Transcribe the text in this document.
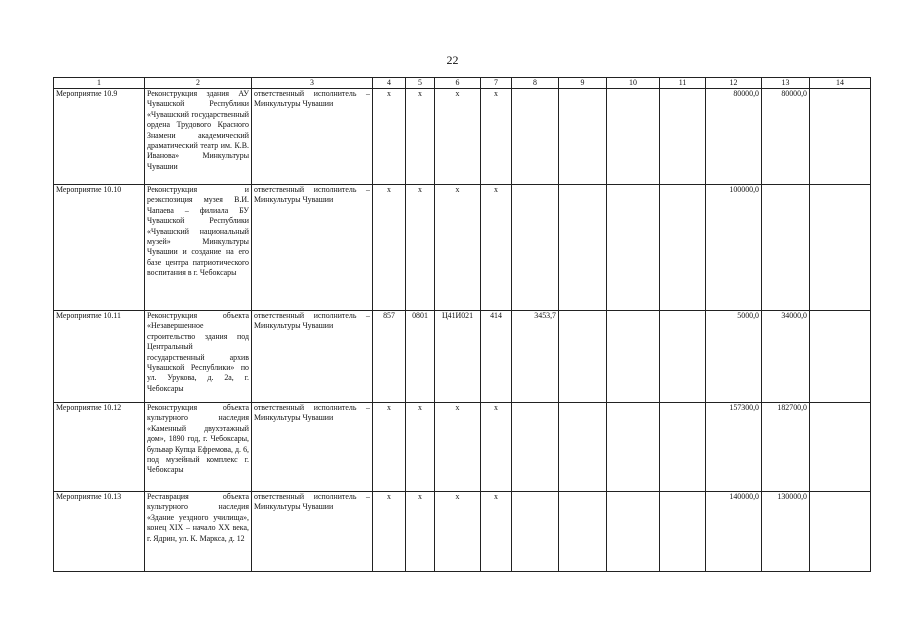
22
1	2	3	4	5	6	7	8	9	10	11	12	13	14
Мероприятие 10.9	Реконструкция здания АУ Чувашской Республики «Чувашский государственный ордена Трудового Красного Знамени академический драматический театр им. К.В. Иванова» Минкультуры Чувашии	ответственный исполнитель – Минкультуры Чувашии	х	х	х	х					80000,0	80000,0	
Мероприятие 10.10	Реконструкция и реэкспозиция музея В.И. Чапаева – филиала БУ Чувашской Республики «Чувашский национальный музей» Минкультуры Чувашии и создание на его базе центра патриотического воспитания в г. Чебоксары	ответственный исполнитель – Минкультуры Чувашии	х	х	х	х					100000,0		
Мероприятие 10.11	Реконструкция объекта «Незавершенное строительство здания под Центральный государственный архив Чувашской Республики» по ул. Урукова, д. 2а, г. Чебоксары	ответственный исполнитель – Минкультуры Чувашии	857	0801	Ц41И021	414	3453,7				5000,0	34000,0	
Мероприятие 10.12	Реконструкция объекта культурного наследия «Каменный двухэтажный дом», 1890 год, г. Чебоксары, бульвар Купца Ефремова, д. 6, под музейный комплекс г. Чебоксары	ответственный исполнитель – Минкультуры Чувашии	х	х	х	х					157300,0	182700,0	
Мероприятие 10.13	Реставрация объекта культурного наследия «Здание уездного училища», конец XIX – начало XX века, г. Ядрин, ул. К. Маркса, д. 12	ответственный исполнитель – Минкультуры Чувашии	х	х	х	х					140000,0	130000,0	
